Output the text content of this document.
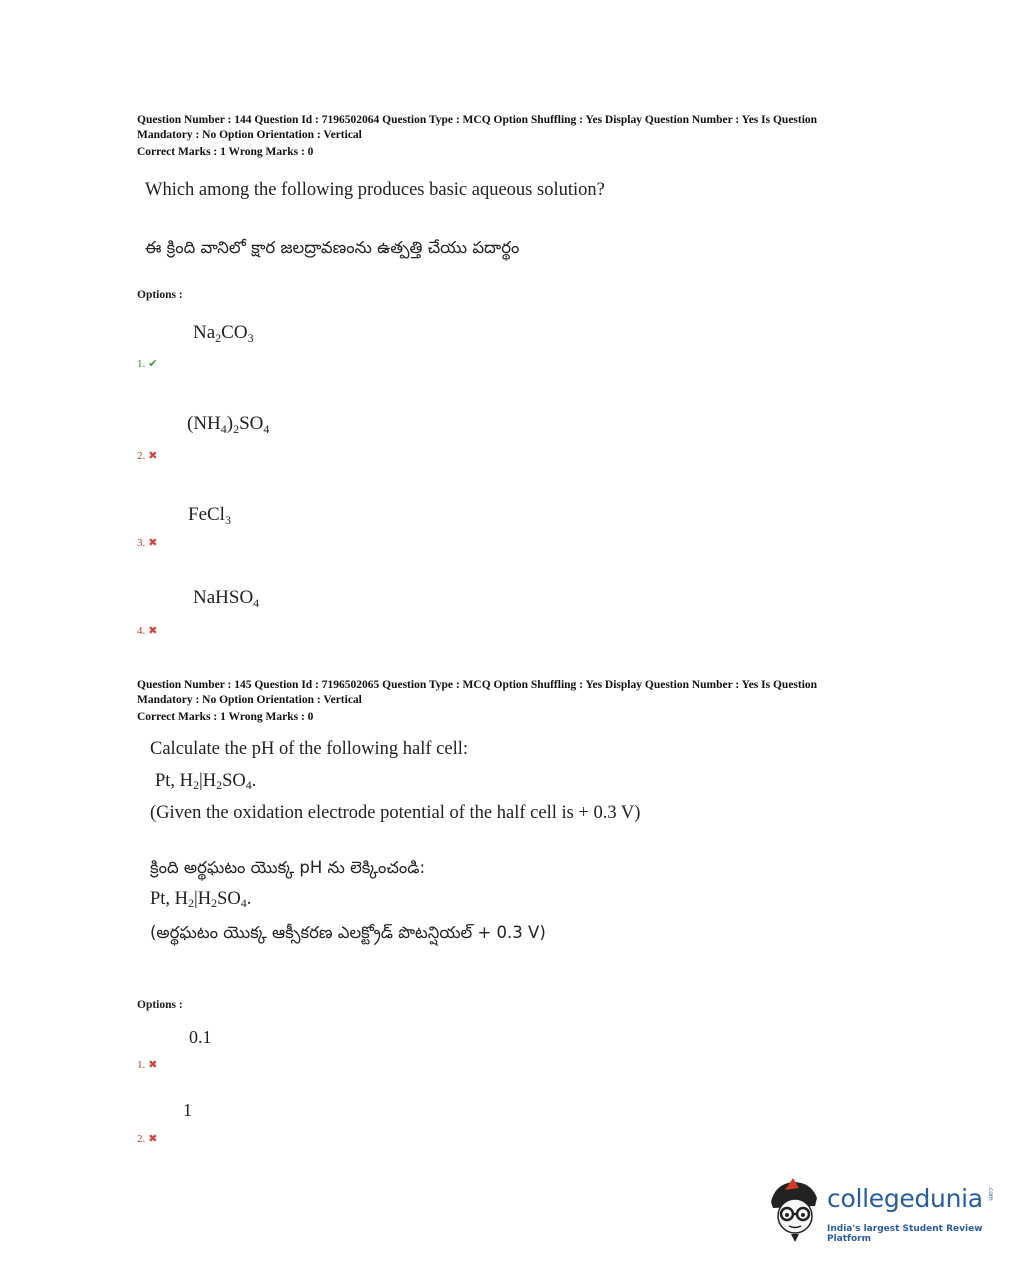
Question Number : 144 Question Id : 7196502064 Question Type : MCQ Option Shuffling : Yes Display Question Number : Yes Is Question
Mandatory : No Option Orientation : Vertical
Correct Marks : 1 Wrong Marks : 0
Which among the following produces basic aqueous solution?
ఈ క్రింది వానిలో క్షార జలద్రావణంను ఉత్పత్తి చేయు పదార్థం
Options :
$Na_2CO_3$
1. ✔
$(NH_4)_2SO_4$
2. ✖
FeCl$_3$
3. ✖
NaHSO$_4$
4. ✖
Question Number : 145 Question Id : 7196502065 Question Type : MCQ Option Shuffling : Yes Display Question Number : Yes Is Question
Mandatory : No Option Orientation : Vertical
Correct Marks : 1 Wrong Marks : 0
Calculate the pH of the following half cell:
Pt, H2|H2SO4.
(Given the oxidation electrode potential of the half cell is + 0.3 V)
క్రింది అర్థఘటం యొక్క pH ను లెక్కించండి:
Pt, H2|H2SO4.
(అర్థఘటం యొక్క ఆక్సీకరణ ఎలక్ట్రోడ్ పొటన్షియల్ + 0.3 V)
Options :
0.1
1. ✖
1
2. ✖
collegedunia .com
India's largest Student Review Platform
